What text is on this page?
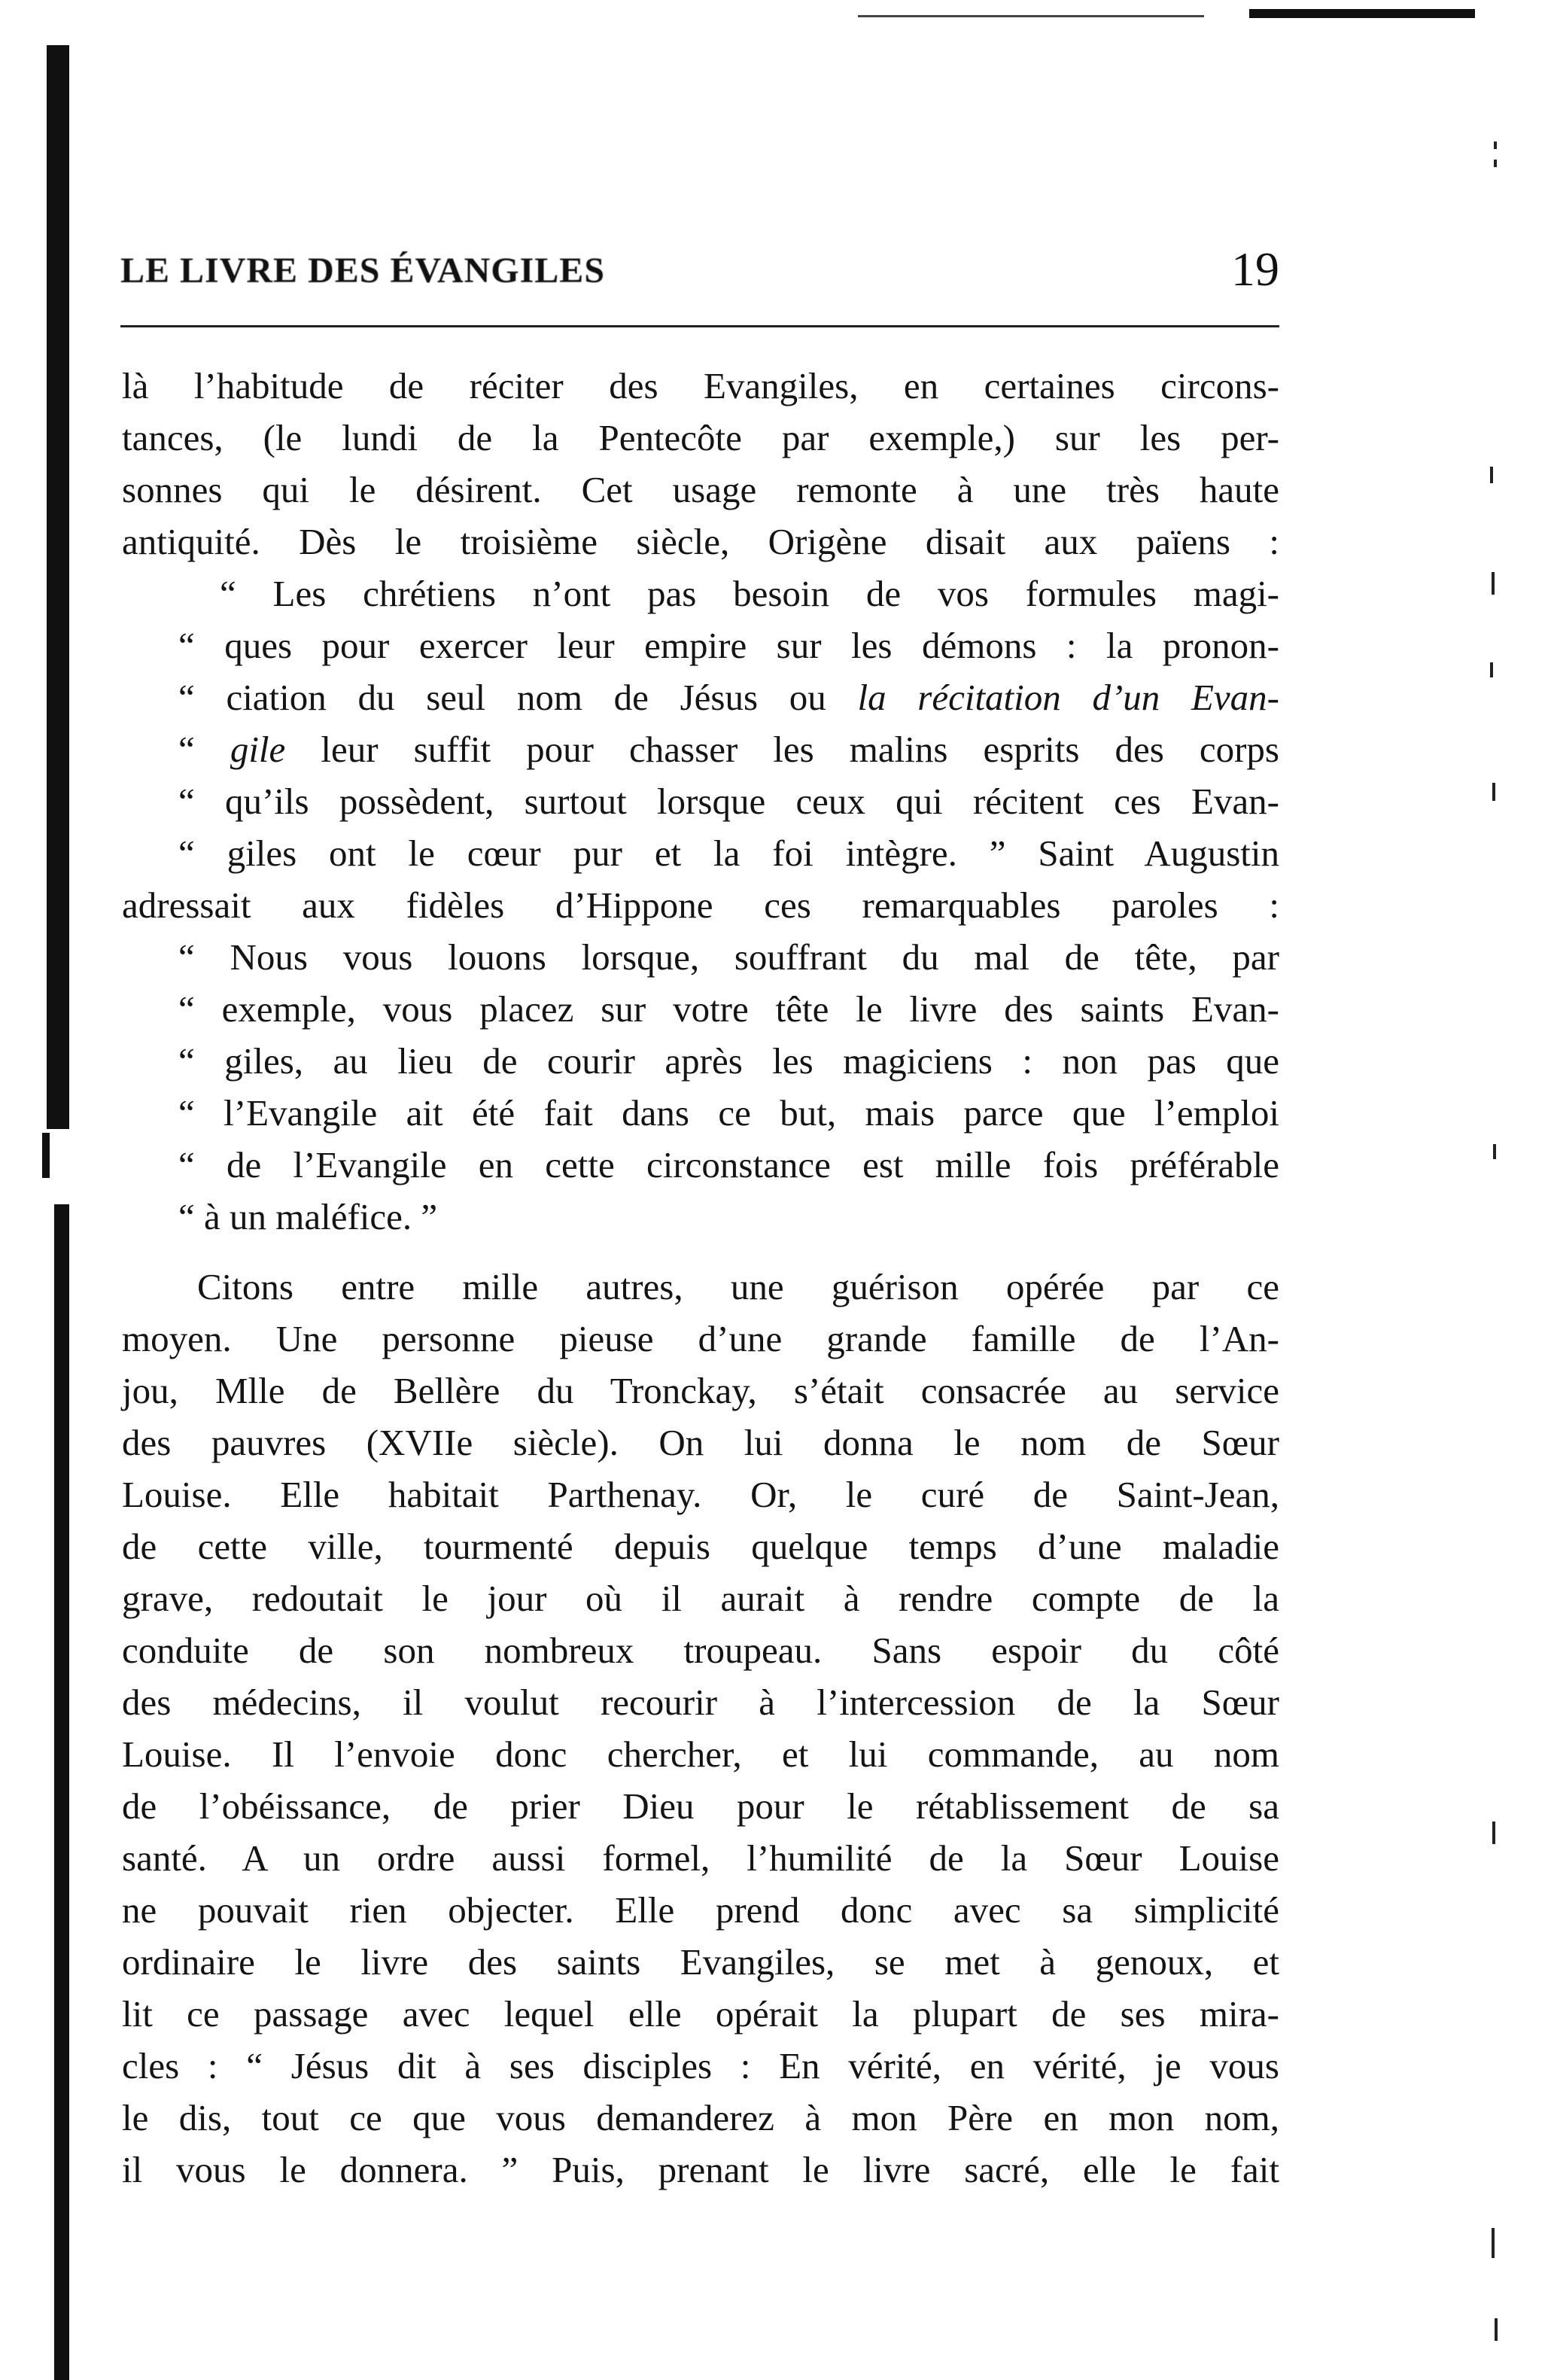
LE LIVRE DES ÉVANGILES	19
là l’habitude de réciter des Evangiles, en certaines circons-
tances, (le lundi de la Pentecôte par exemple,) sur les per-
sonnes qui le désirent. Cet usage remonte à une très haute
antiquité. Dès le troisième siècle, Origène disait aux païens :
“ Les chrétiens n’ont pas besoin de vos formules magi-
“ ques pour exercer leur empire sur les démons : la pronon-
“ ciation du seul nom de Jésus ou la récitation d’un Evan-
“ gile leur suffit pour chasser les malins esprits des corps
“ qu’ils possèdent, surtout lorsque ceux qui récitent ces Evan-
“ giles ont le cœur pur et la foi intègre. ” Saint Augustin
adressait aux fidèles d’Hippone ces remarquables paroles :
“ Nous vous louons lorsque, souffrant du mal de tête, par
“ exemple, vous placez sur votre tête le livre des saints Evan-
“ giles, au lieu de courir après les magiciens : non pas que
“ l’Evangile ait été fait dans ce but, mais parce que l’emploi
“ de l’Evangile en cette circonstance est mille fois préférable
“ à un maléfice. ”
Citons entre mille autres, une guérison opérée par ce
moyen. Une personne pieuse d’une grande famille de l’An-
jou, Mlle de Bellère du Tronckay, s’était consacrée au service
des pauvres (XVIIe siècle). On lui donna le nom de Sœur
Louise. Elle habitait Parthenay. Or, le curé de Saint-Jean,
de cette ville, tourmenté depuis quelque temps d’une maladie
grave, redoutait le jour où il aurait à rendre compte de la
conduite de son nombreux troupeau. Sans espoir du côté
des médecins, il voulut recourir à l’intercession de la Sœur
Louise. Il l’envoie donc chercher, et lui commande, au nom
de l’obéissance, de prier Dieu pour le rétablissement de sa
santé. A un ordre aussi formel, l’humilité de la Sœur Louise
ne pouvait rien objecter. Elle prend donc avec sa simplicité
ordinaire le livre des saints Evangiles, se met à genoux, et
lit ce passage avec lequel elle opérait la plupart de ses mira-
cles : “ Jésus dit à ses disciples : En vérité, en vérité, je vous
le dis, tout ce que vous demanderez à mon Père en mon nom,
il vous le donnera. ” Puis, prenant le livre sacré, elle le fait
